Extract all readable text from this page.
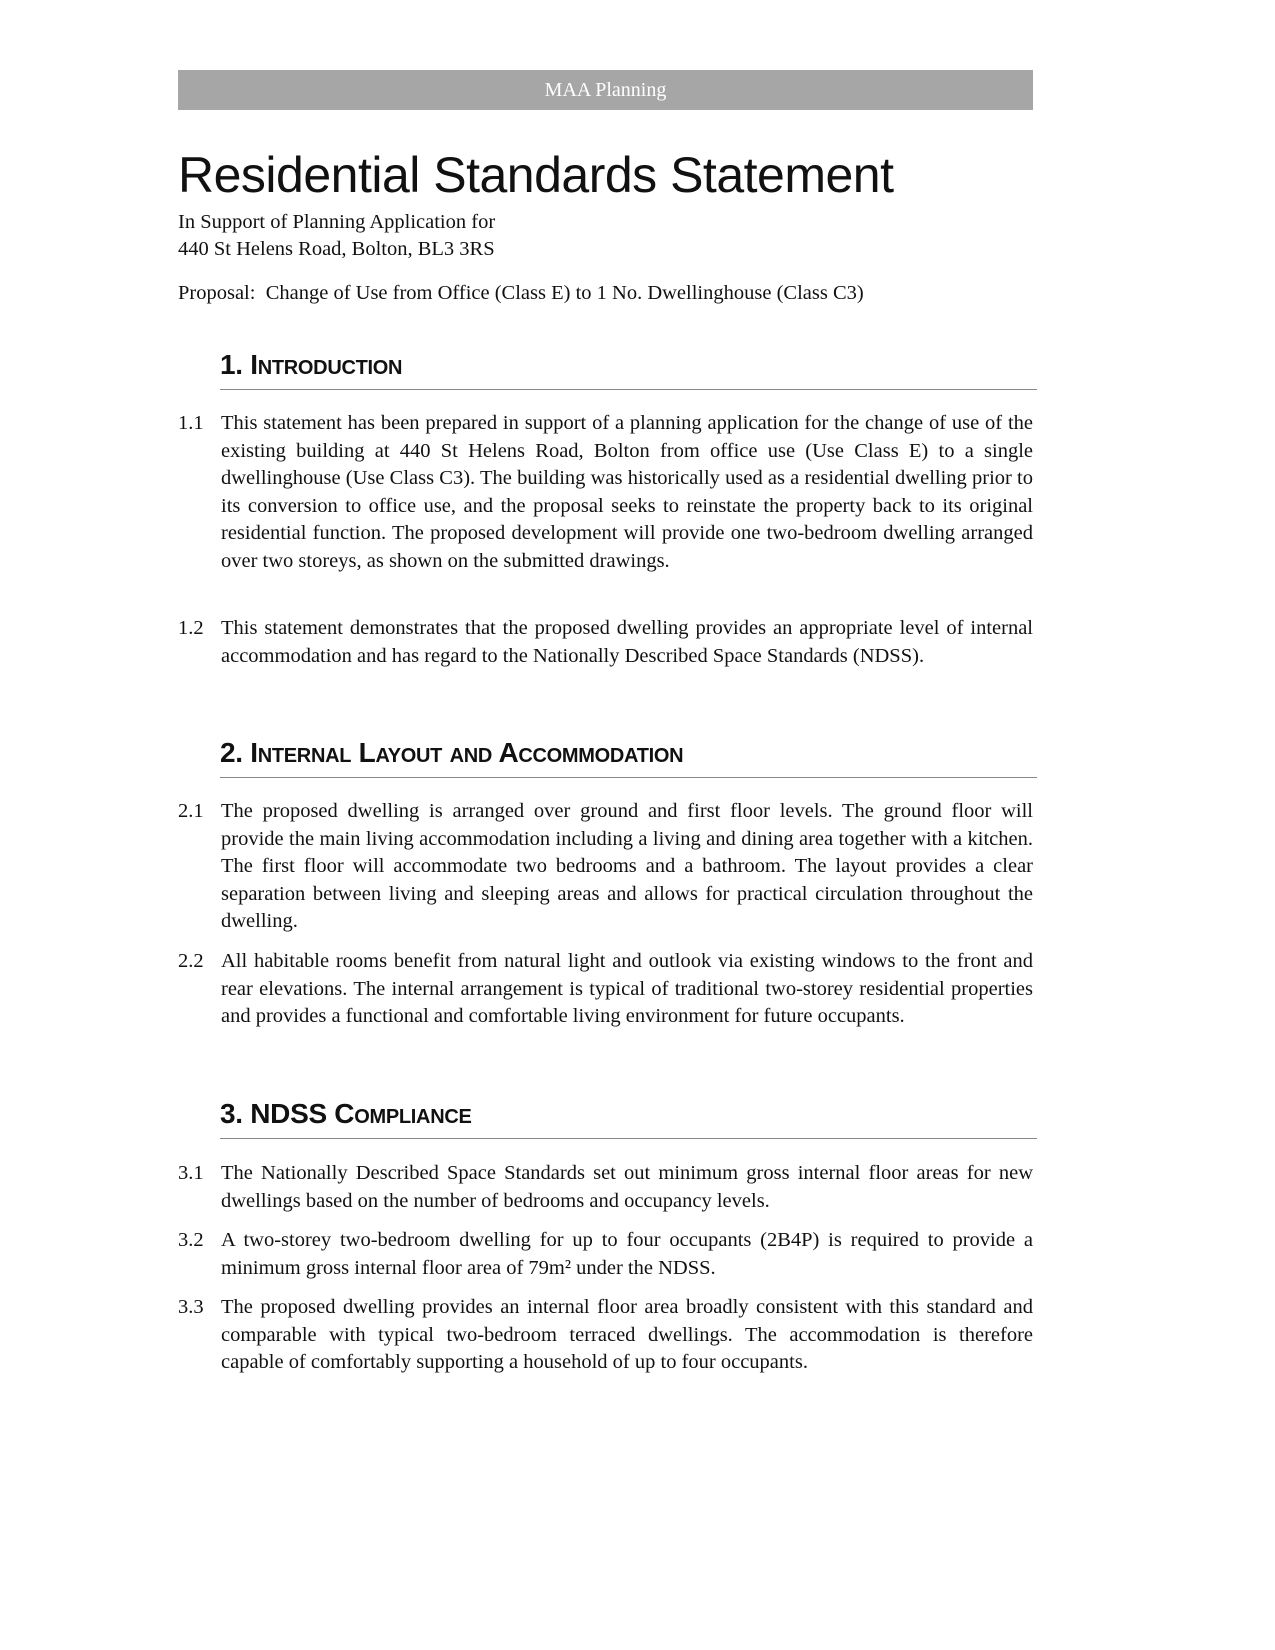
MAA Planning
Residential Standards Statement
In Support of Planning Application for
440 St Helens Road, Bolton, BL3 3RS
Proposal:  Change of Use from Office (Class E) to 1 No. Dwellinghouse (Class C3)
1. Introduction
1.1 This statement has been prepared in support of a planning application for the change of use of the existing building at 440 St Helens Road, Bolton from office use (Use Class E) to a single dwellinghouse (Use Class C3). The building was historically used as a residential dwelling prior to its conversion to office use, and the proposal seeks to reinstate the property back to its original residential function. The proposed development will provide one two-bedroom dwelling arranged over two storeys, as shown on the submitted drawings.
1.2 This statement demonstrates that the proposed dwelling provides an appropriate level of internal accommodation and has regard to the Nationally Described Space Standards (NDSS).
2. Internal Layout and Accommodation
2.1 The proposed dwelling is arranged over ground and first floor levels. The ground floor will provide the main living accommodation including a living and dining area together with a kitchen. The first floor will accommodate two bedrooms and a bathroom. The layout provides a clear separation between living and sleeping areas and allows for practical circulation throughout the dwelling.
2.2 All habitable rooms benefit from natural light and outlook via existing windows to the front and rear elevations. The internal arrangement is typical of traditional two-storey residential properties and provides a functional and comfortable living environment for future occupants.
3. NDSS Compliance
3.1 The Nationally Described Space Standards set out minimum gross internal floor areas for new dwellings based on the number of bedrooms and occupancy levels.
3.2 A two-storey two-bedroom dwelling for up to four occupants (2B4P) is required to provide a minimum gross internal floor area of 79m² under the NDSS.
3.3 The proposed dwelling provides an internal floor area broadly consistent with this standard and comparable with typical two-bedroom terraced dwellings. The accommodation is therefore capable of comfortably supporting a household of up to four occupants.
